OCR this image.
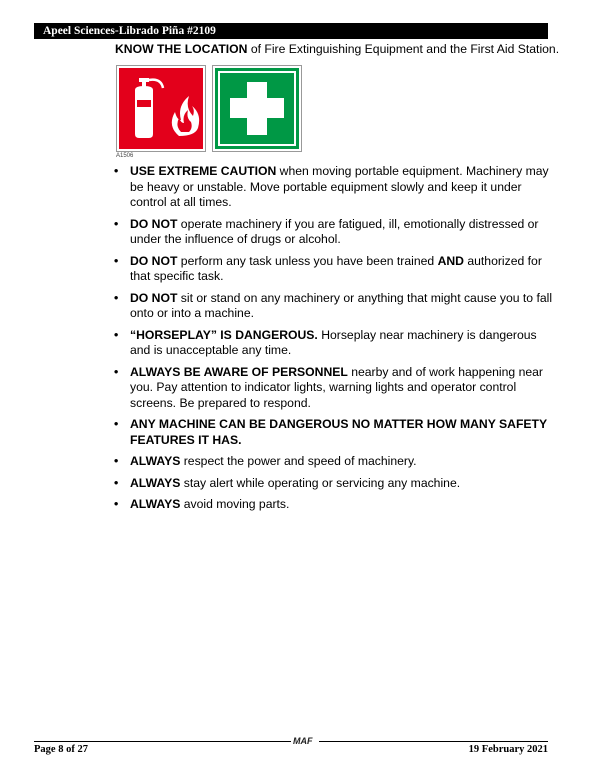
Apeel Sciences-Librado Piña #2109
KNOW THE LOCATION of Fire Extinguishing Equipment and the First Aid Station.
A1506
• USE EXTREME CAUTION when moving portable equipment. Machinery may be heavy or unstable. Move portable equipment slowly and keep it under control at all times.
• DO NOT operate machinery if you are fatigued, ill, emotionally distressed or under the influence of drugs or alcohol.
• DO NOT perform any task unless you have been trained AND authorized for that specific task.
• DO NOT sit or stand on any machinery or anything that might cause you to fall onto or into a machine.
• “HORSEPLAY” IS DANGEROUS. Horseplay near machinery is dangerous and is unacceptable any time.
• ALWAYS BE AWARE OF PERSONNEL nearby and of work happening near you. Pay attention to indicator lights, warning lights and operator control screens. Be prepared to respond.
• ANY MACHINE CAN BE DANGEROUS NO MATTER HOW MANY SAFETY FEATURES IT HAS.
• ALWAYS respect the power and speed of machinery.
• ALWAYS stay alert while operating or servicing any machine.
• ALWAYS avoid moving parts.
Page 8 of 27
MAF
19 February 2021
